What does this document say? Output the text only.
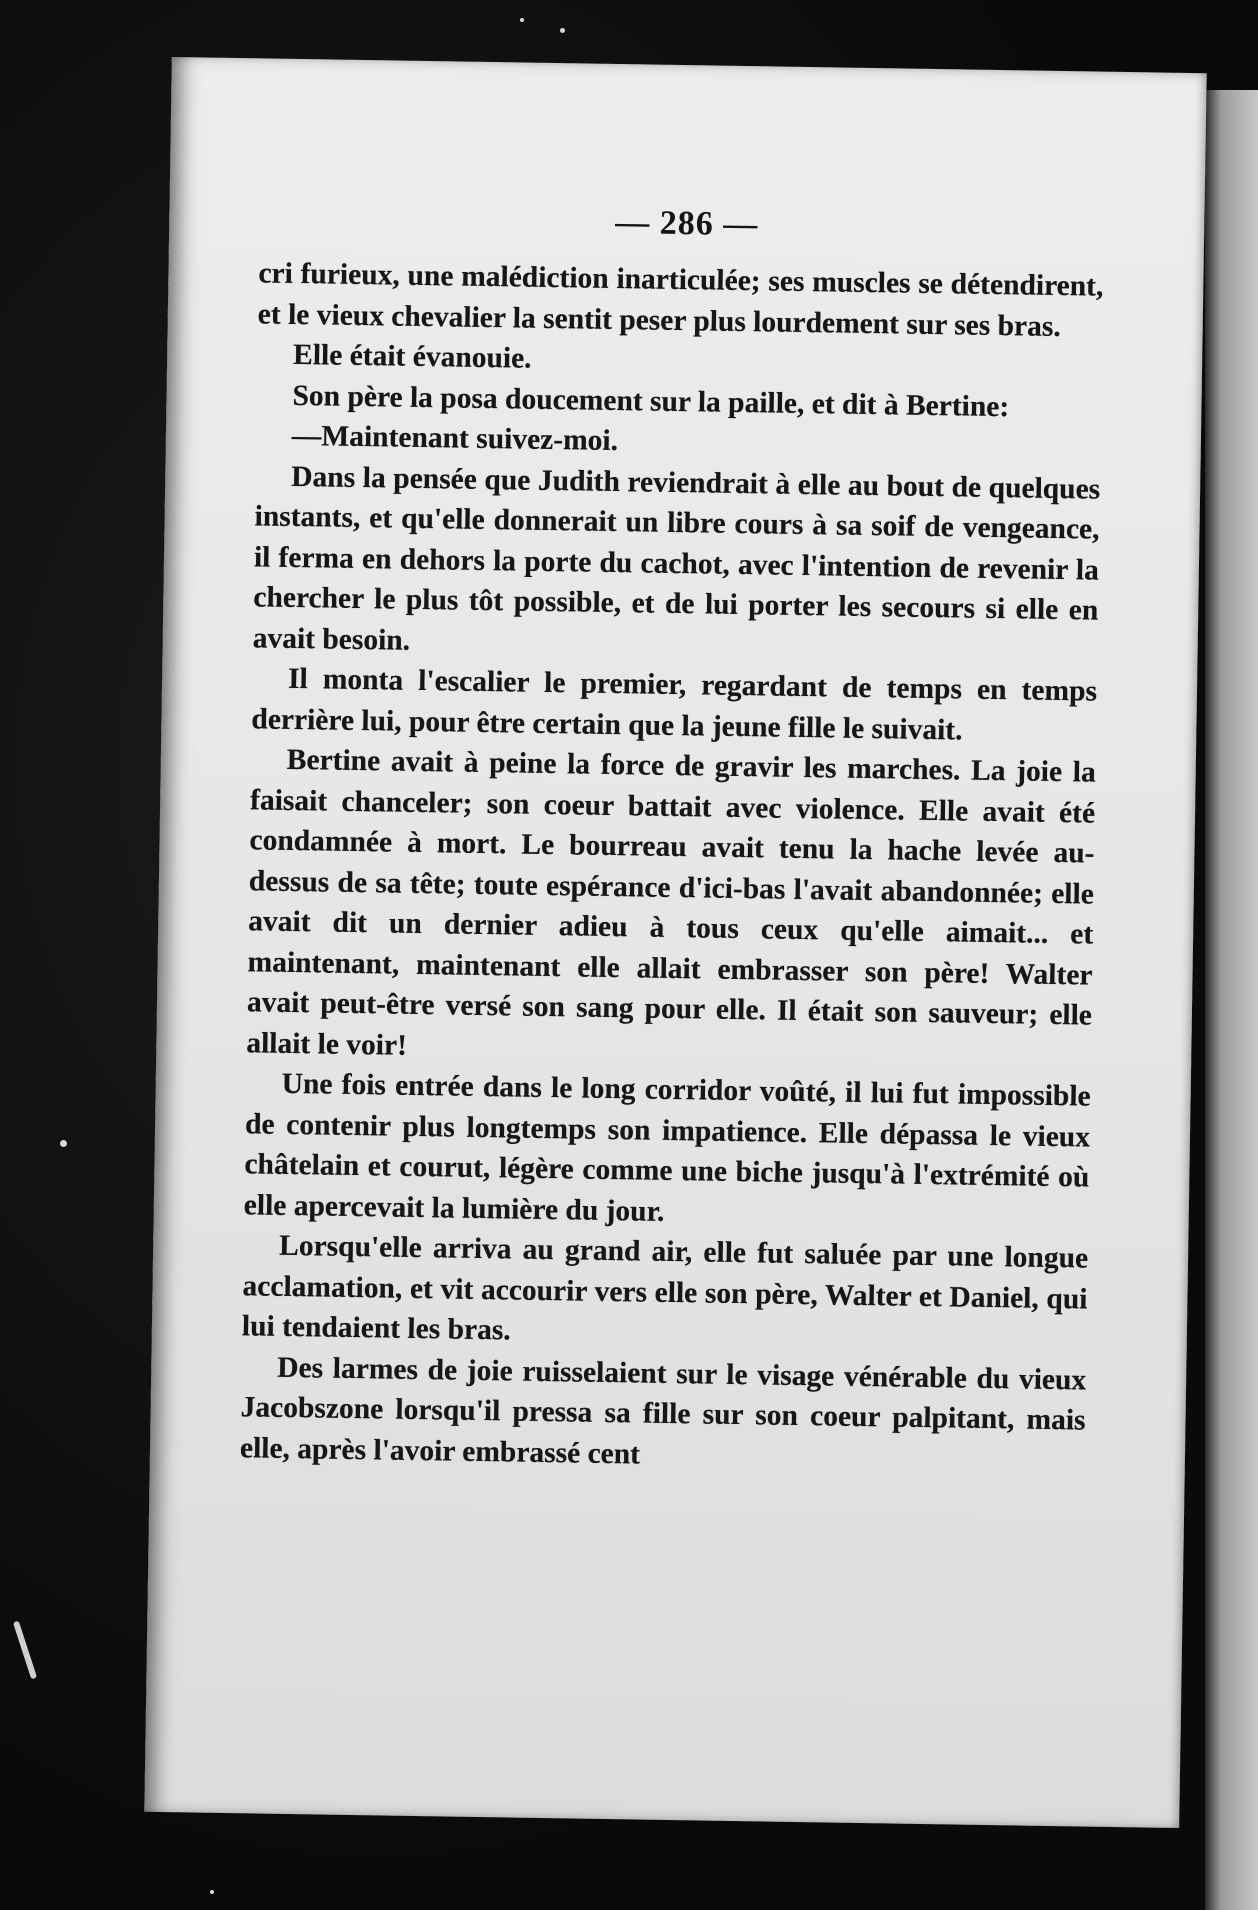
— 286 —

cri furieux, une malédiction inarticulée; ses muscles se détendirent, et le vieux chevalier la sentit peser plus lourdement sur ses bras.

Elle était évanouie.

Son père la posa doucement sur la paille, et dit à Bertine:

—Maintenant suivez-moi.

Dans la pensée que Judith reviendrait à elle au bout de quelques instants, et qu'elle donnerait un libre cours à sa soif de vengeance, il ferma en dehors la porte du cachot, avec l'intention de revenir la chercher le plus tôt possible, et de lui porter les secours si elle en avait besoin.

Il monta l'escalier le premier, regardant de temps en temps derrière lui, pour être certain que la jeune fille le suivait.

Bertine avait à peine la force de gravir les marches. La joie la faisait chanceler; son coeur battait avec violence. Elle avait été condamnée à mort. Le bourreau avait tenu la hache levée au-dessus de sa tête; toute espérance d'ici-bas l'avait abandonnée; elle avait dit un dernier adieu à tous ceux qu'elle aimait... et maintenant, maintenant elle allait embrasser son père! Walter avait peut-être versé son sang pour elle. Il était son sauveur; elle allait le voir!

Une fois entrée dans le long corridor voûté, il lui fut impossible de contenir plus longtemps son impatience. Elle dépassa le vieux châtelain et courut, légère comme une biche jusqu'à l'extrémité où elle apercevait la lumière du jour.

Lorsqu'elle arriva au grand air, elle fut saluée par une longue acclamation, et vit accourir vers elle son père, Walter et Daniel, qui lui tendaient les bras.

Des larmes de joie ruisselaient sur le visage vénérable du vieux Jacobszone lorsqu'il pressa sa fille sur son coeur palpitant, mais elle, après l'avoir embrassé cent
